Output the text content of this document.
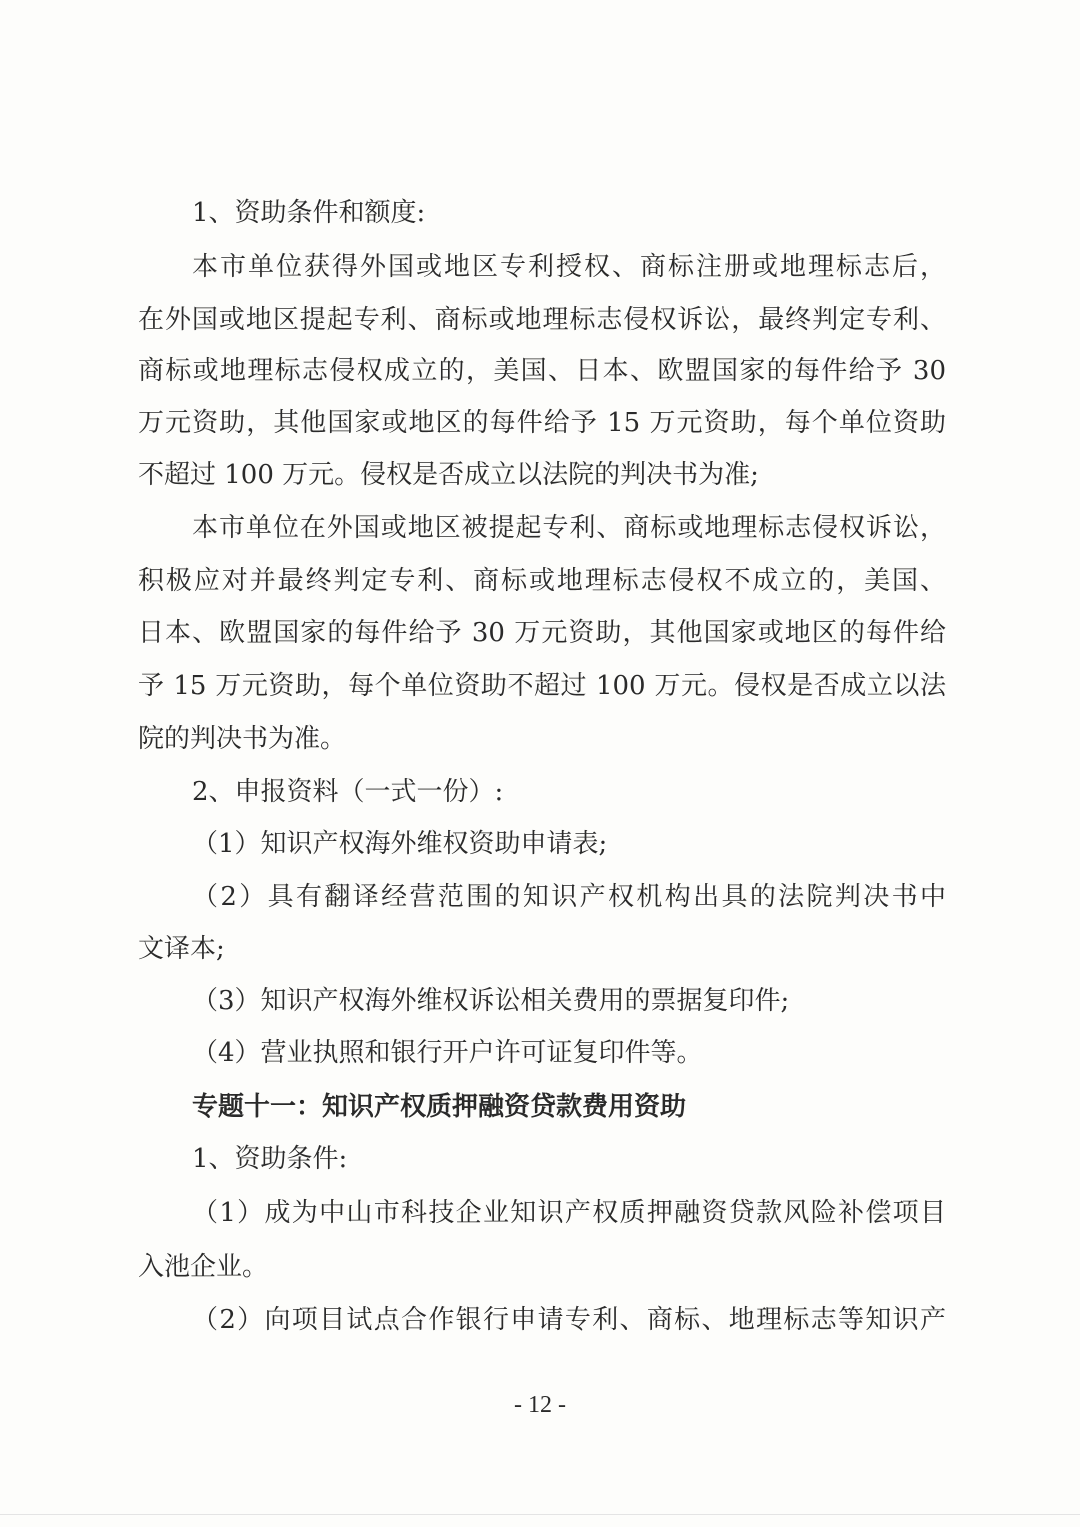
1、资助条件和额度:
本市单位获得外国或地区专利授权、商标注册或地理标志后，
在外国或地区提起专利、商标或地理标志侵权诉讼，最终判定专利、
商标或地理标志侵权成立的，美国、日本、欧盟国家的每件给予 30
万元资助，其他国家或地区的每件给予 15 万元资助，每个单位资助
不超过 100 万元。侵权是否成立以法院的判决书为准;
本市单位在外国或地区被提起专利、商标或地理标志侵权诉讼，
积极应对并最终判定专利、商标或地理标志侵权不成立的，美国、
日本、欧盟国家的每件给予 30 万元资助，其他国家或地区的每件给
予 15 万元资助，每个单位资助不超过 100 万元。侵权是否成立以法
院的判决书为准。
2、申报资料（一式一份）:
（1）知识产权海外维权资助申请表;
（2）具有翻译经营范围的知识产权机构出具的法院判决书中
文译本;
（3）知识产权海外维权诉讼相关费用的票据复印件;
（4）营业执照和银行开户许可证复印件等。
专题十一：知识产权质押融资贷款费用资助
1、资助条件:
（1）成为中山市科技企业知识产权质押融资贷款风险补偿项目
入池企业。
（2）向项目试点合作银行申请专利、商标、地理标志等知识产
- 12 -
